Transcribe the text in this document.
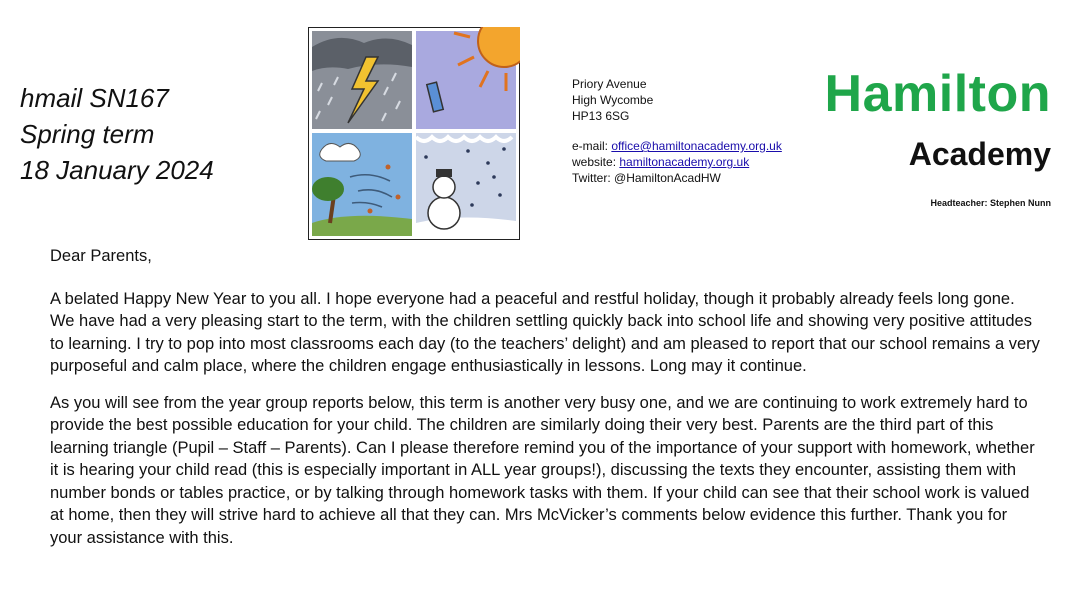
hmail SN167
Spring term
18 January 2024
Priory Avenue
High Wycombe
HP13 6SG
e-mail: office@hamiltonacademy.org.uk
website: hamiltonacademy.org.uk
Twitter: @HamiltonAcadHW
Hamilton
Academy
Headteacher: Stephen Nunn

Dear Parents,

A belated Happy New Year to you all. I hope everyone had a peaceful and restful holiday, though it probably already feels long gone. We have had a very pleasing start to the term, with the children settling quickly back into school life and showing very positive attitudes to learning. I try to pop into most classrooms each day (to the teachers’ delight) and am pleased to report that our school remains a very purposeful and calm place, where the children engage enthusiastically in lessons. Long may it continue.

As you will see from the year group reports below, this term is another very busy one, and we are continuing to work extremely hard to provide the best possible education for your child. The children are similarly doing their very best. Parents are the third part of this learning triangle (Pupil – Staff – Parents). Can I please therefore remind you of the importance of your support with homework, whether it is hearing your child read (this is especially important in ALL year groups!), discussing the texts they encounter, assisting them with number bonds or tables practice, or by talking through homework tasks with them. If your child can see that their school work is valued at home, then they will strive hard to achieve all that they can. Mrs McVicker’s comments below evidence this further. Thank you for your assistance with this.
